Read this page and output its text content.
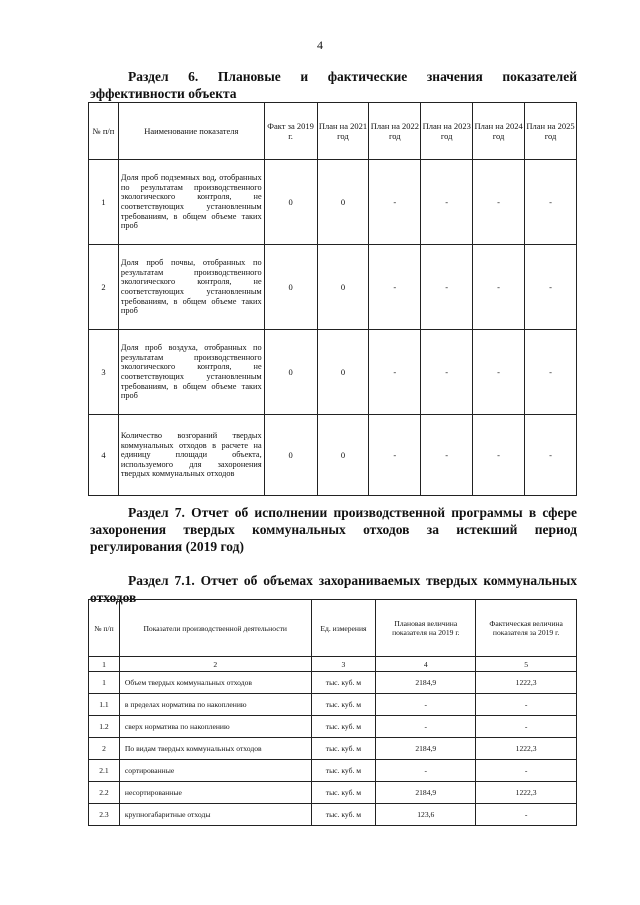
4
Раздел 6. Плановые и фактические значения показателей эффективности объекта
№ п/п	Наименование показателя	Факт за 2019 г.	План на 2021 год	План на 2022 год	План на 2023 год	План на 2024 год	План на 2025 год
1	Доля проб подземных вод, отобранных по результатам производственного экологического контроля, не соответствующих установленным требованиям, в общем объеме таких проб	0	0	-	-	-	-
2	Доля проб почвы, отобранных по результатам производственного экологического контроля, не соответствующих установленным требованиям, в общем объеме таких проб	0	0	-	-	-	-
3	Доля проб воздуха, отобранных по результатам производственного экологического контроля, не соответствующих установленным требованиям, в общем объеме таких проб	0	0	-	-	-	-
4	Количество возгораний твердых коммунальных отходов в расчете на единицу площади объекта, используемого для захоронения твердых коммунальных отходов	0	0	-	-	-	-
Раздел 7. Отчет об исполнении производственной программы в сфере захоронения твердых коммунальных отходов за истекший период регулирования (2019 год)
Раздел 7.1. Отчет об объемах захораниваемых твердых коммунальных отходов
№ п/п	Показатели производственной деятельности	Ед. измерения	Плановая величина показателя на 2019 г.	Фактическая величина показателя за 2019 г.
1	2	3	4	5
1	Объем твердых коммунальных отходов	тыс. куб. м	2184,9	1222,3
1.1	в пределах норматива по накоплению	тыс. куб. м	-	-
1.2	сверх норматива по накоплению	тыс. куб. м	-	-
2	По видам твердых коммунальных отходов	тыс. куб. м	2184,9	1222,3
2.1	сортированные	тыс. куб. м	-	-
2.2	несортированные	тыс. куб. м	2184,9	1222,3
2.3	крупногабаритные отходы	тыс. куб. м	123,6	-
